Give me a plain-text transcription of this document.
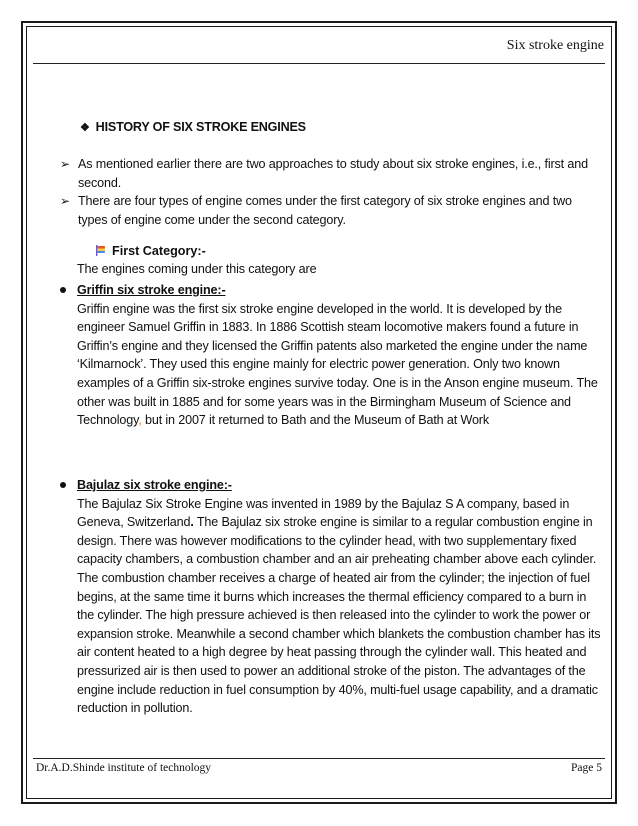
Six stroke engine
❖ HISTORY OF SIX STROKE ENGINES

➢ As mentioned earlier there are two approaches to study about six stroke engines, i.e., first and second.

➢ There are four types of engine comes under the first category of six stroke engines and two types of engine come under the second category.

First Category:-
The engines coming under this category are
Griffin six stroke engine:-
Griffin engine was the first six stroke engine developed in the world. It is developed by the engineer Samuel Griffin in 1883. In 1886 Scottish steam locomotive makers found a future in Griffin’s engine and they licensed the Griffin patents also marketed the engine under the name ‘Kilmarnock’. They used this engine mainly for electric power generation. Only two known examples of a Griffin six-stroke engines survive today. One is in the Anson engine museum. The other was built in 1885 and for some years was in the Birmingham Museum of Science and Technology, but in 2007 it returned to Bath and the Museum of Bath at Work
Bajulaz six stroke engine:-
The Bajulaz Six Stroke Engine was invented in 1989 by the Bajulaz S A company, based in Geneva, Switzerland. The Bajulaz six stroke engine is similar to a regular combustion engine in design. There was however modifications to the cylinder head, with two supplementary fixed capacity chambers, a combustion chamber and an air preheating chamber above each cylinder. The combustion chamber receives a charge of heated air from the cylinder; the injection of fuel begins, at the same time it burns which increases the thermal efficiency compared to a burn in the cylinder. The high pressure achieved is then released into the cylinder to work the power or expansion stroke. Meanwhile a second chamber which blankets the combustion chamber has its air content heated to a high degree by heat passing through the cylinder wall. This heated and pressurized air is then used to power an additional stroke of the piston. The advantages of the engine include reduction in fuel consumption by 40%, multi-fuel usage capability, and a dramatic reduction in pollution.
Dr.A.D.Shinde institute of technology	Page 5
